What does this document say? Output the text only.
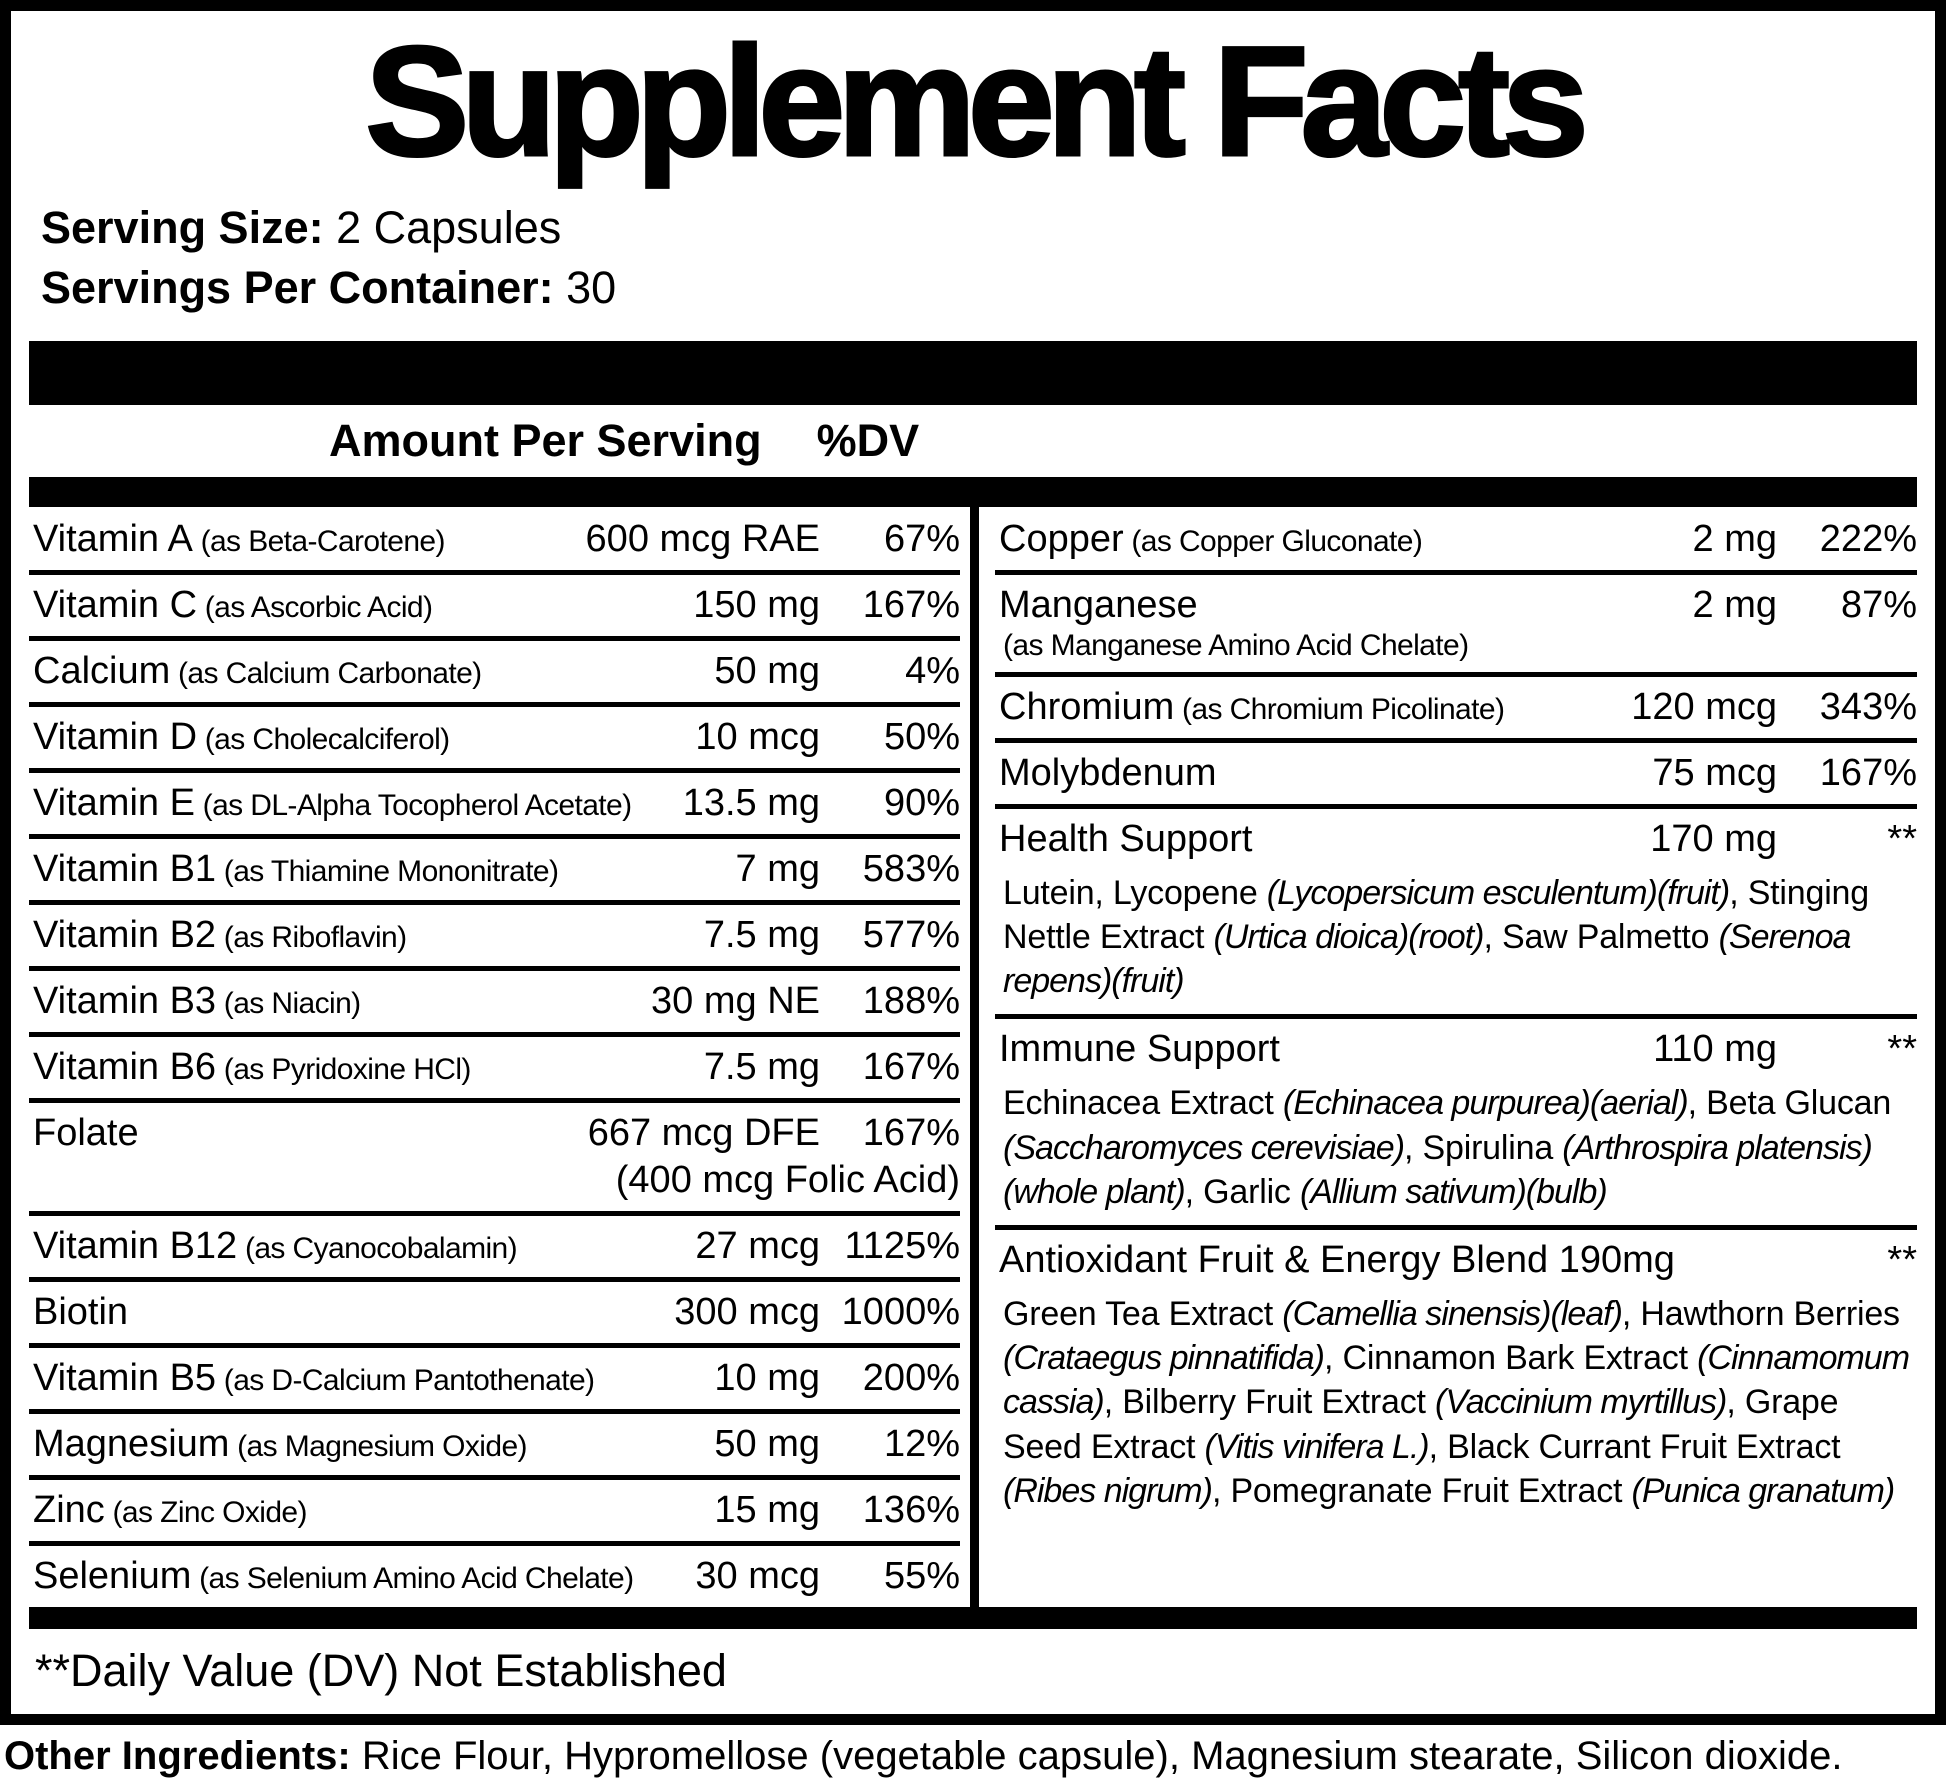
Supplement Facts
Serving Size: 2 Capsules
Servings Per Container: 30
Amount Per Serving %DV
Vitamin A (as Beta-Carotene)	600 mcg RAE	67%
Vitamin C (as Ascorbic Acid)	150 mg	167%
Calcium (as Calcium Carbonate)	50 mg	4%
Vitamin D (as Cholecalciferol)	10 mcg	50%
Vitamin E (as DL-Alpha Tocopherol Acetate)	13.5 mg	90%
Vitamin B1 (as Thiamine Mononitrate)	7 mg	583%
Vitamin B2 (as Riboflavin)	7.5 mg	577%
Vitamin B3 (as Niacin)	30 mg NE	188%
Vitamin B6 (as Pyridoxine HCl)	7.5 mg	167%
Folate	667 mcg DFE	167%
(400 mcg Folic Acid)
Vitamin B12 (as Cyanocobalamin)	27 mcg 1125%
Biotin	300 mcg 1000%
Vitamin B5 (as D-Calcium Pantothenate)	10 mg	200%
Magnesium (as Magnesium Oxide)	50 mg	12%
Zinc (as Zinc Oxide)	15 mg	136%
Selenium (as Selenium Amino Acid Chelate)	30 mcg	55%
Copper (as Copper Gluconate)	2 mg	222%
Manganese	2 mg	87%
(as Manganese Amino Acid Chelate)
Chromium (as Chromium Picolinate)	120 mcg	343%
Molybdenum	75 mcg	167%
Health Support	170 mg	**
Lutein, Lycopene (Lycopersicum esculentum)(fruit), Stinging Nettle Extract (Urtica dioica)(root), Saw Palmetto (Serenoa repens)(fruit)
Immune Support	110 mg	**
Echinacea Extract (Echinacea purpurea)(aerial), Beta Glucan (Saccharomyces cerevisiae), Spirulina (Arthrospira platensis)(whole plant), Garlic (Allium sativum)(bulb)
Antioxidant Fruit & Energy Blend 190mg	**
Green Tea Extract (Camellia sinensis)(leaf), Hawthorn Berries (Crataegus pinnatifida), Cinnamon Bark Extract (Cinnamomum cassia), Bilberry Fruit Extract (Vaccinium myrtillus), Grape Seed Extract (Vitis vinifera L.), Black Currant Fruit Extract (Ribes nigrum), Pomegranate Fruit Extract (Punica granatum)
**Daily Value (DV) Not Established
Other Ingredients: Rice Flour, Hypromellose (vegetable capsule), Magnesium stearate, Silicon dioxide.
